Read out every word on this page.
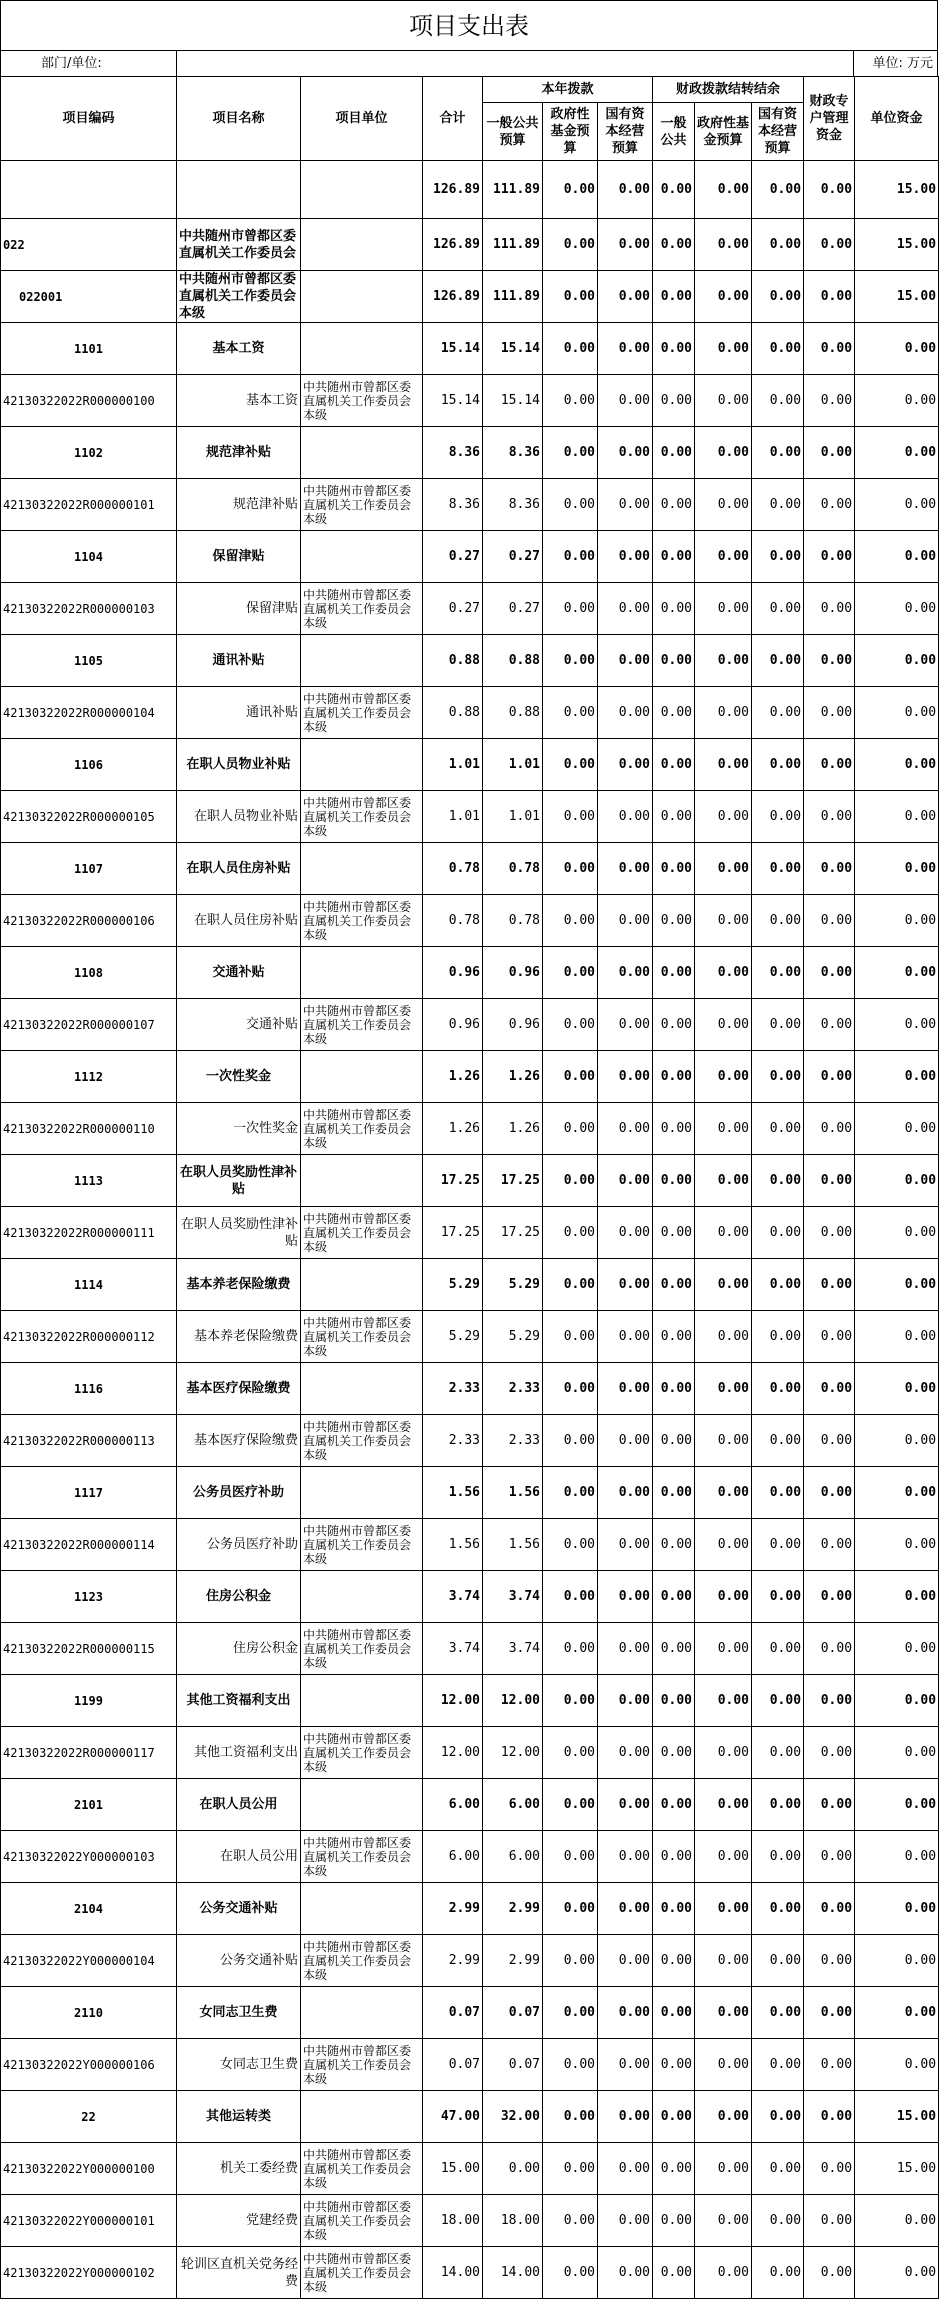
项目支出表
部门/单位:	单位: 万元
项目编码	项目名称	项目单位	合计	本年拨款			财政拨款结转结余			财政专户管理资金	单位资金
				一般公共预算	政府性基金预算	国有资本经营预算	一般公共	政府性基金预算	国有资本经营预算		
			126.89	111.89	0.00	0.00	0.00	0.00	0.00	0.00	15.00
022	中共随州市曾都区委直属机关工作委员会		126.89	111.89	0.00	0.00	0.00	0.00	0.00	0.00	15.00
022001	中共随州市曾都区委直属机关工作委员会本级		126.89	111.89	0.00	0.00	0.00	0.00	0.00	0.00	15.00
1101	基本工资		15.14	15.14	0.00	0.00	0.00	0.00	0.00	0.00	0.00
42130322022R000000100	基本工资	中共随州市曾都区委直属机关工作委员会本级	15.14	15.14	0.00	0.00	0.00	0.00	0.00	0.00	0.00
1102	规范津补贴		8.36	8.36	0.00	0.00	0.00	0.00	0.00	0.00	0.00
42130322022R000000101	规范津补贴	中共随州市曾都区委直属机关工作委员会本级	8.36	8.36	0.00	0.00	0.00	0.00	0.00	0.00	0.00
1104	保留津贴		0.27	0.27	0.00	0.00	0.00	0.00	0.00	0.00	0.00
42130322022R000000103	保留津贴	中共随州市曾都区委直属机关工作委员会本级	0.27	0.27	0.00	0.00	0.00	0.00	0.00	0.00	0.00
1105	通讯补贴		0.88	0.88	0.00	0.00	0.00	0.00	0.00	0.00	0.00
42130322022R000000104	通讯补贴	中共随州市曾都区委直属机关工作委员会本级	0.88	0.88	0.00	0.00	0.00	0.00	0.00	0.00	0.00
1106	在职人员物业补贴		1.01	1.01	0.00	0.00	0.00	0.00	0.00	0.00	0.00
42130322022R000000105	在职人员物业补贴	中共随州市曾都区委直属机关工作委员会本级	1.01	1.01	0.00	0.00	0.00	0.00	0.00	0.00	0.00
1107	在职人员住房补贴		0.78	0.78	0.00	0.00	0.00	0.00	0.00	0.00	0.00
42130322022R000000106	在职人员住房补贴	中共随州市曾都区委直属机关工作委员会本级	0.78	0.78	0.00	0.00	0.00	0.00	0.00	0.00	0.00
1108	交通补贴		0.96	0.96	0.00	0.00	0.00	0.00	0.00	0.00	0.00
42130322022R000000107	交通补贴	中共随州市曾都区委直属机关工作委员会本级	0.96	0.96	0.00	0.00	0.00	0.00	0.00	0.00	0.00
1112	一次性奖金		1.26	1.26	0.00	0.00	0.00	0.00	0.00	0.00	0.00
42130322022R000000110	一次性奖金	中共随州市曾都区委直属机关工作委员会本级	1.26	1.26	0.00	0.00	0.00	0.00	0.00	0.00	0.00
1113	在职人员奖励性津补贴		17.25	17.25	0.00	0.00	0.00	0.00	0.00	0.00	0.00
42130322022R000000111	在职人员奖励性津补贴	中共随州市曾都区委直属机关工作委员会本级	17.25	17.25	0.00	0.00	0.00	0.00	0.00	0.00	0.00
1114	基本养老保险缴费		5.29	5.29	0.00	0.00	0.00	0.00	0.00	0.00	0.00
42130322022R000000112	基本养老保险缴费	中共随州市曾都区委直属机关工作委员会本级	5.29	5.29	0.00	0.00	0.00	0.00	0.00	0.00	0.00
1116	基本医疗保险缴费		2.33	2.33	0.00	0.00	0.00	0.00	0.00	0.00	0.00
42130322022R000000113	基本医疗保险缴费	中共随州市曾都区委直属机关工作委员会本级	2.33	2.33	0.00	0.00	0.00	0.00	0.00	0.00	0.00
1117	公务员医疗补助		1.56	1.56	0.00	0.00	0.00	0.00	0.00	0.00	0.00
42130322022R000000114	公务员医疗补助	中共随州市曾都区委直属机关工作委员会本级	1.56	1.56	0.00	0.00	0.00	0.00	0.00	0.00	0.00
1123	住房公积金		3.74	3.74	0.00	0.00	0.00	0.00	0.00	0.00	0.00
42130322022R000000115	住房公积金	中共随州市曾都区委直属机关工作委员会本级	3.74	3.74	0.00	0.00	0.00	0.00	0.00	0.00	0.00
1199	其他工资福利支出		12.00	12.00	0.00	0.00	0.00	0.00	0.00	0.00	0.00
42130322022R000000117	其他工资福利支出	中共随州市曾都区委直属机关工作委员会本级	12.00	12.00	0.00	0.00	0.00	0.00	0.00	0.00	0.00
2101	在职人员公用		6.00	6.00	0.00	0.00	0.00	0.00	0.00	0.00	0.00
42130322022Y000000103	在职人员公用	中共随州市曾都区委直属机关工作委员会本级	6.00	6.00	0.00	0.00	0.00	0.00	0.00	0.00	0.00
2104	公务交通补贴		2.99	2.99	0.00	0.00	0.00	0.00	0.00	0.00	0.00
42130322022Y000000104	公务交通补贴	中共随州市曾都区委直属机关工作委员会本级	2.99	2.99	0.00	0.00	0.00	0.00	0.00	0.00	0.00
2110	女同志卫生费		0.07	0.07	0.00	0.00	0.00	0.00	0.00	0.00	0.00
42130322022Y000000106	女同志卫生费	中共随州市曾都区委直属机关工作委员会本级	0.07	0.07	0.00	0.00	0.00	0.00	0.00	0.00	0.00
22	其他运转类		47.00	32.00	0.00	0.00	0.00	0.00	0.00	0.00	15.00
42130322022Y000000100	机关工委经费	中共随州市曾都区委直属机关工作委员会本级	15.00	0.00	0.00	0.00	0.00	0.00	0.00	0.00	15.00
42130322022Y000000101	党建经费	中共随州市曾都区委直属机关工作委员会本级	18.00	18.00	0.00	0.00	0.00	0.00	0.00	0.00	0.00
42130322022Y000000102	轮训区直机关党务经费	中共随州市曾都区委直属机关工作委员会本级	14.00	14.00	0.00	0.00	0.00	0.00	0.00	0.00	0.00
